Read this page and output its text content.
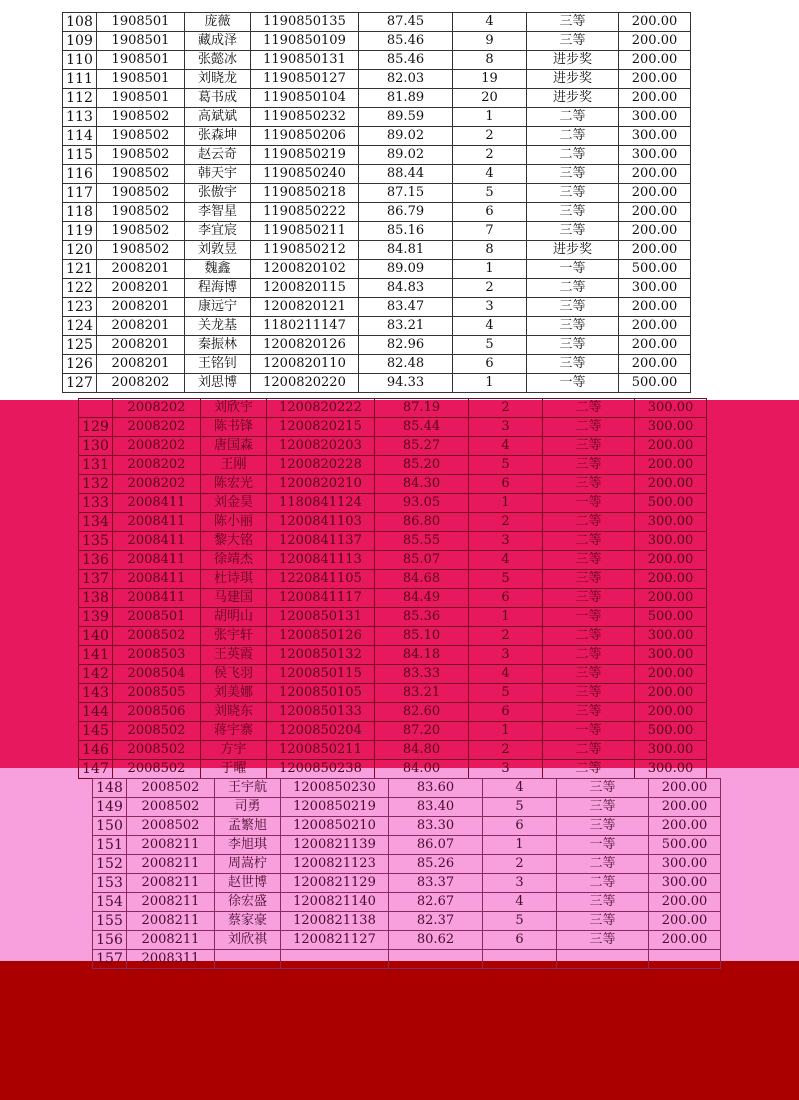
108	1908501	庞薇	1190850135	87.45	4	三等	200.00
109	1908501	藏成泽	1190850109	85.46	9	三等	200.00
110	1908501	张懿冰	1190850131	85.46	8	进步奖	200.00
111	1908501	刘晓龙	1190850127	82.03	19	进步奖	200.00
112	1908501	葛书成	1190850104	81.89	20	进步奖	200.00
113	1908502	高斌斌	1190850232	89.59	1	二等	300.00
114	1908502	张森坤	1190850206	89.02	2	二等	300.00
115	1908502	赵云奇	1190850219	89.02	2	二等	300.00
116	1908502	韩天宇	1190850240	88.44	4	三等	200.00
117	1908502	张傲宇	1190850218	87.15	5	三等	200.00
118	1908502	李智星	1190850222	86.79	6	三等	200.00
119	1908502	李宜宸	1190850211	85.16	7	三等	200.00
120	1908502	刘敦昱	1190850212	84.81	8	进步奖	200.00
121	2008201	魏鑫	1200820102	89.09	1	一等	500.00
122	2008201	程海博	1200820115	84.83	2	二等	300.00
123	2008201	康远宁	1200820121	83.47	3	三等	200.00
124	2008201	关龙基	1180211147	83.21	4	三等	200.00
125	2008201	秦振林	1200820126	82.96	5	三等	200.00
126	2008201	王铭钊	1200820110	82.48	6	三等	200.00
127	2008202	刘思博	1200820220	94.33	1	一等	500.00
	2008202	刘欣宇	1200820222	87.19	2	二等	300.00
129	2008202	陈书锋	1200820215	85.44	3	二等	300.00
130	2008202	唐国森	1200820203	85.27	4	三等	200.00
131	2008202	王刚	1200820228	85.20	5	三等	200.00
132	2008202	陈宏光	1200820210	84.30	6	三等	200.00
133	2008411	刘金昊	1180841124	93.05	1	一等	500.00
134	2008411	陈小丽	1200841103	86.80	2	二等	300.00
135	2008411	黎大铭	1200841137	85.55	3	二等	300.00
136	2008411	徐靖杰	1200841113	85.07	4	三等	200.00
137	2008411	杜诗琪	1220841105	84.68	5	三等	200.00
138	2008411	马建国	1200841117	84.49	6	三等	200.00
139	2008501	胡明山	1200850131	85.36	1	一等	500.00
140	2008502	张宇轩	1200850126	85.10	2	二等	300.00
141	2008503	王英霞	1200850132	84.18	3	二等	300.00
142	2008504	侯飞羽	1200850115	83.33	4	三等	200.00
143	2008505	刘美娜	1200850105	83.21	5	三等	200.00
144	2008506	刘晓东	1200850133	82.60	6	三等	200.00
145	2008502	蒋宇寨	1200850204	87.20	1	一等	500.00
146	2008502	方宇	1200850211	84.80	2	二等	300.00
147	2008502	于曜	1200850238	84.00	3	二等	300.00
148	2008502	王宇航	1200850230	83.60	4	三等	200.00
149	2008502	司勇	1200850219	83.40	5	三等	200.00
150	2008502	孟繁旭	1200850210	83.30	6	三等	200.00
151	2008211	李旭琪	1200821139	86.07	1	一等	500.00
152	2008211	周嵩柠	1200821123	85.26	2	二等	300.00
153	2008211	赵世博	1200821129	83.37	3	二等	300.00
154	2008211	徐宏盛	1200821140	82.67	4	三等	200.00
155	2008211	蔡家豪	1200821138	82.37	5	三等	200.00
156	2008211	刘欣祺	1200821127	80.62	6	三等	200.00
157	2008311						
